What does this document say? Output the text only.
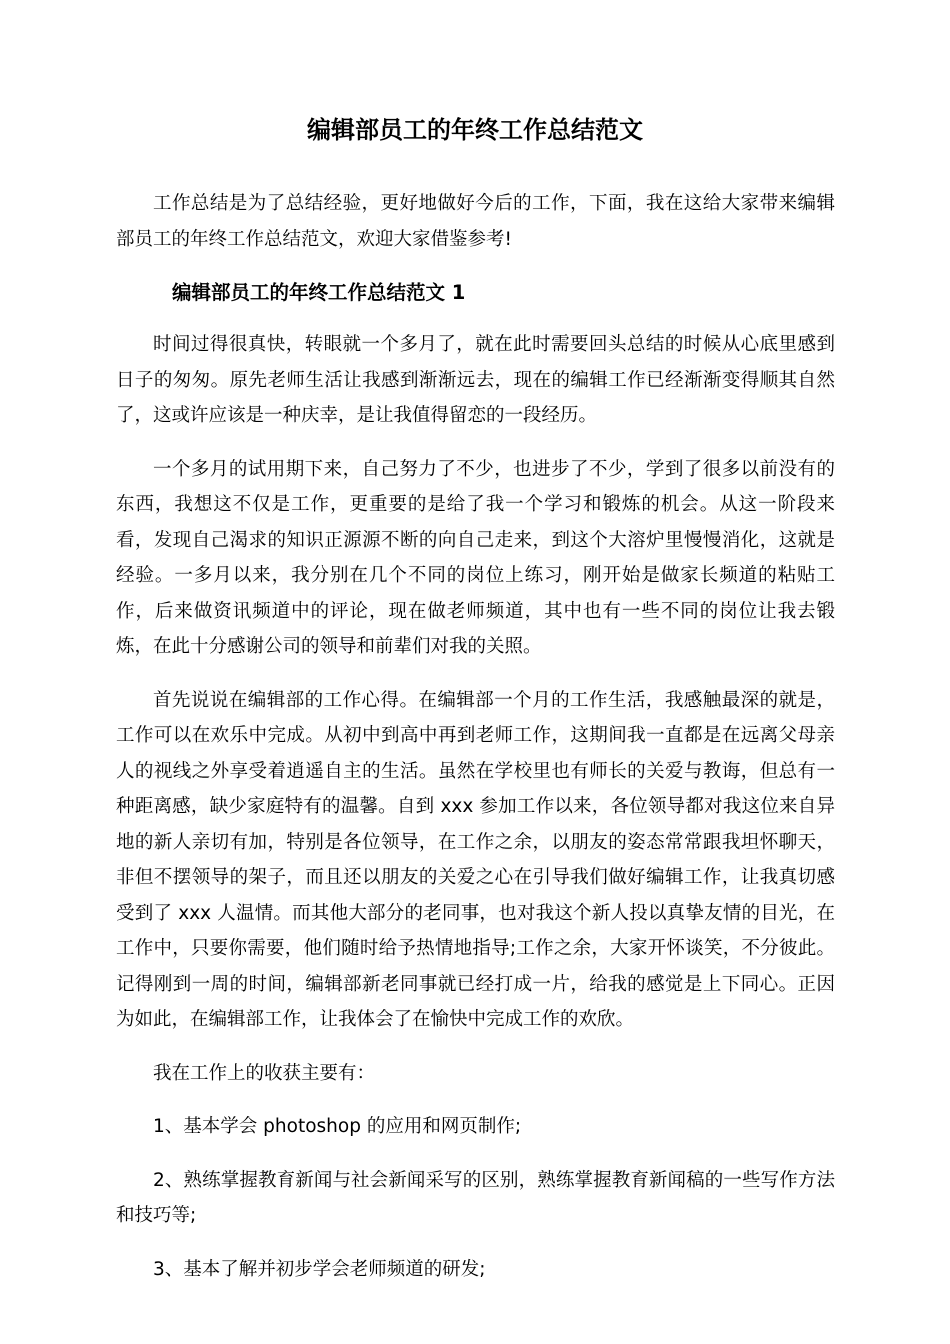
编辑部员工的年终工作总结范文

工作总结是为了总结经验，更好地做好今后的工作，下面，我在这给大家带来编辑部员工的年终工作总结范文，欢迎大家借鉴参考!

编辑部员工的年终工作总结范文 1

时间过得很真快，转眼就一个多月了，就在此时需要回头总结的时候从心底里感到日子的匆匆。原先老师生活让我感到渐渐远去，现在的编辑工作已经渐渐变得顺其自然了，这或许应该是一种庆幸，是让我值得留恋的一段经历。

一个多月的试用期下来，自己努力了不少，也进步了不少，学到了很多以前没有的东西，我想这不仅是工作，更重要的是给了我一个学习和锻炼的机会。从这一阶段来看，发现自己渴求的知识正源源不断的向自己走来，到这个大溶炉里慢慢消化，这就是经验。一多月以来，我分别在几个不同的岗位上练习，刚开始是做家长频道的粘贴工作，后来做资讯频道中的评论，现在做老师频道，其中也有一些不同的岗位让我去锻炼，在此十分感谢公司的领导和前辈们对我的关照。

首先说说在编辑部的工作心得。在编辑部一个月的工作生活，我感触最深的就是，工作可以在欢乐中完成。从初中到高中再到老师工作，这期间我一直都是在远离父母亲人的视线之外享受着逍遥自主的生活。虽然在学校里也有师长的关爱与教诲，但总有一种距离感，缺少家庭特有的温馨。自到 xxx 参加工作以来，各位领导都对我这位来自异地的新人亲切有加，特别是各位领导，在工作之余，以朋友的姿态常常跟我坦怀聊天，非但不摆领导的架子，而且还以朋友的关爱之心在引导我们做好编辑工作，让我真切感受到了 xxx 人温情。而其他大部分的老同事，也对我这个新人投以真挚友情的目光，在工作中，只要你需要，他们随时给予热情地指导;工作之余，大家开怀谈笑，不分彼此。记得刚到一周的时间，编辑部新老同事就已经打成一片，给我的感觉是上下同心。正因为如此，在编辑部工作，让我体会了在愉快中完成工作的欢欣。

我在工作上的收获主要有：

1、基本学会 photoshop 的应用和网页制作;

2、熟练掌握教育新闻与社会新闻采写的区别，熟练掌握教育新闻稿的一些写作方法和技巧等;

3、基本了解并初步学会老师频道的研发;
